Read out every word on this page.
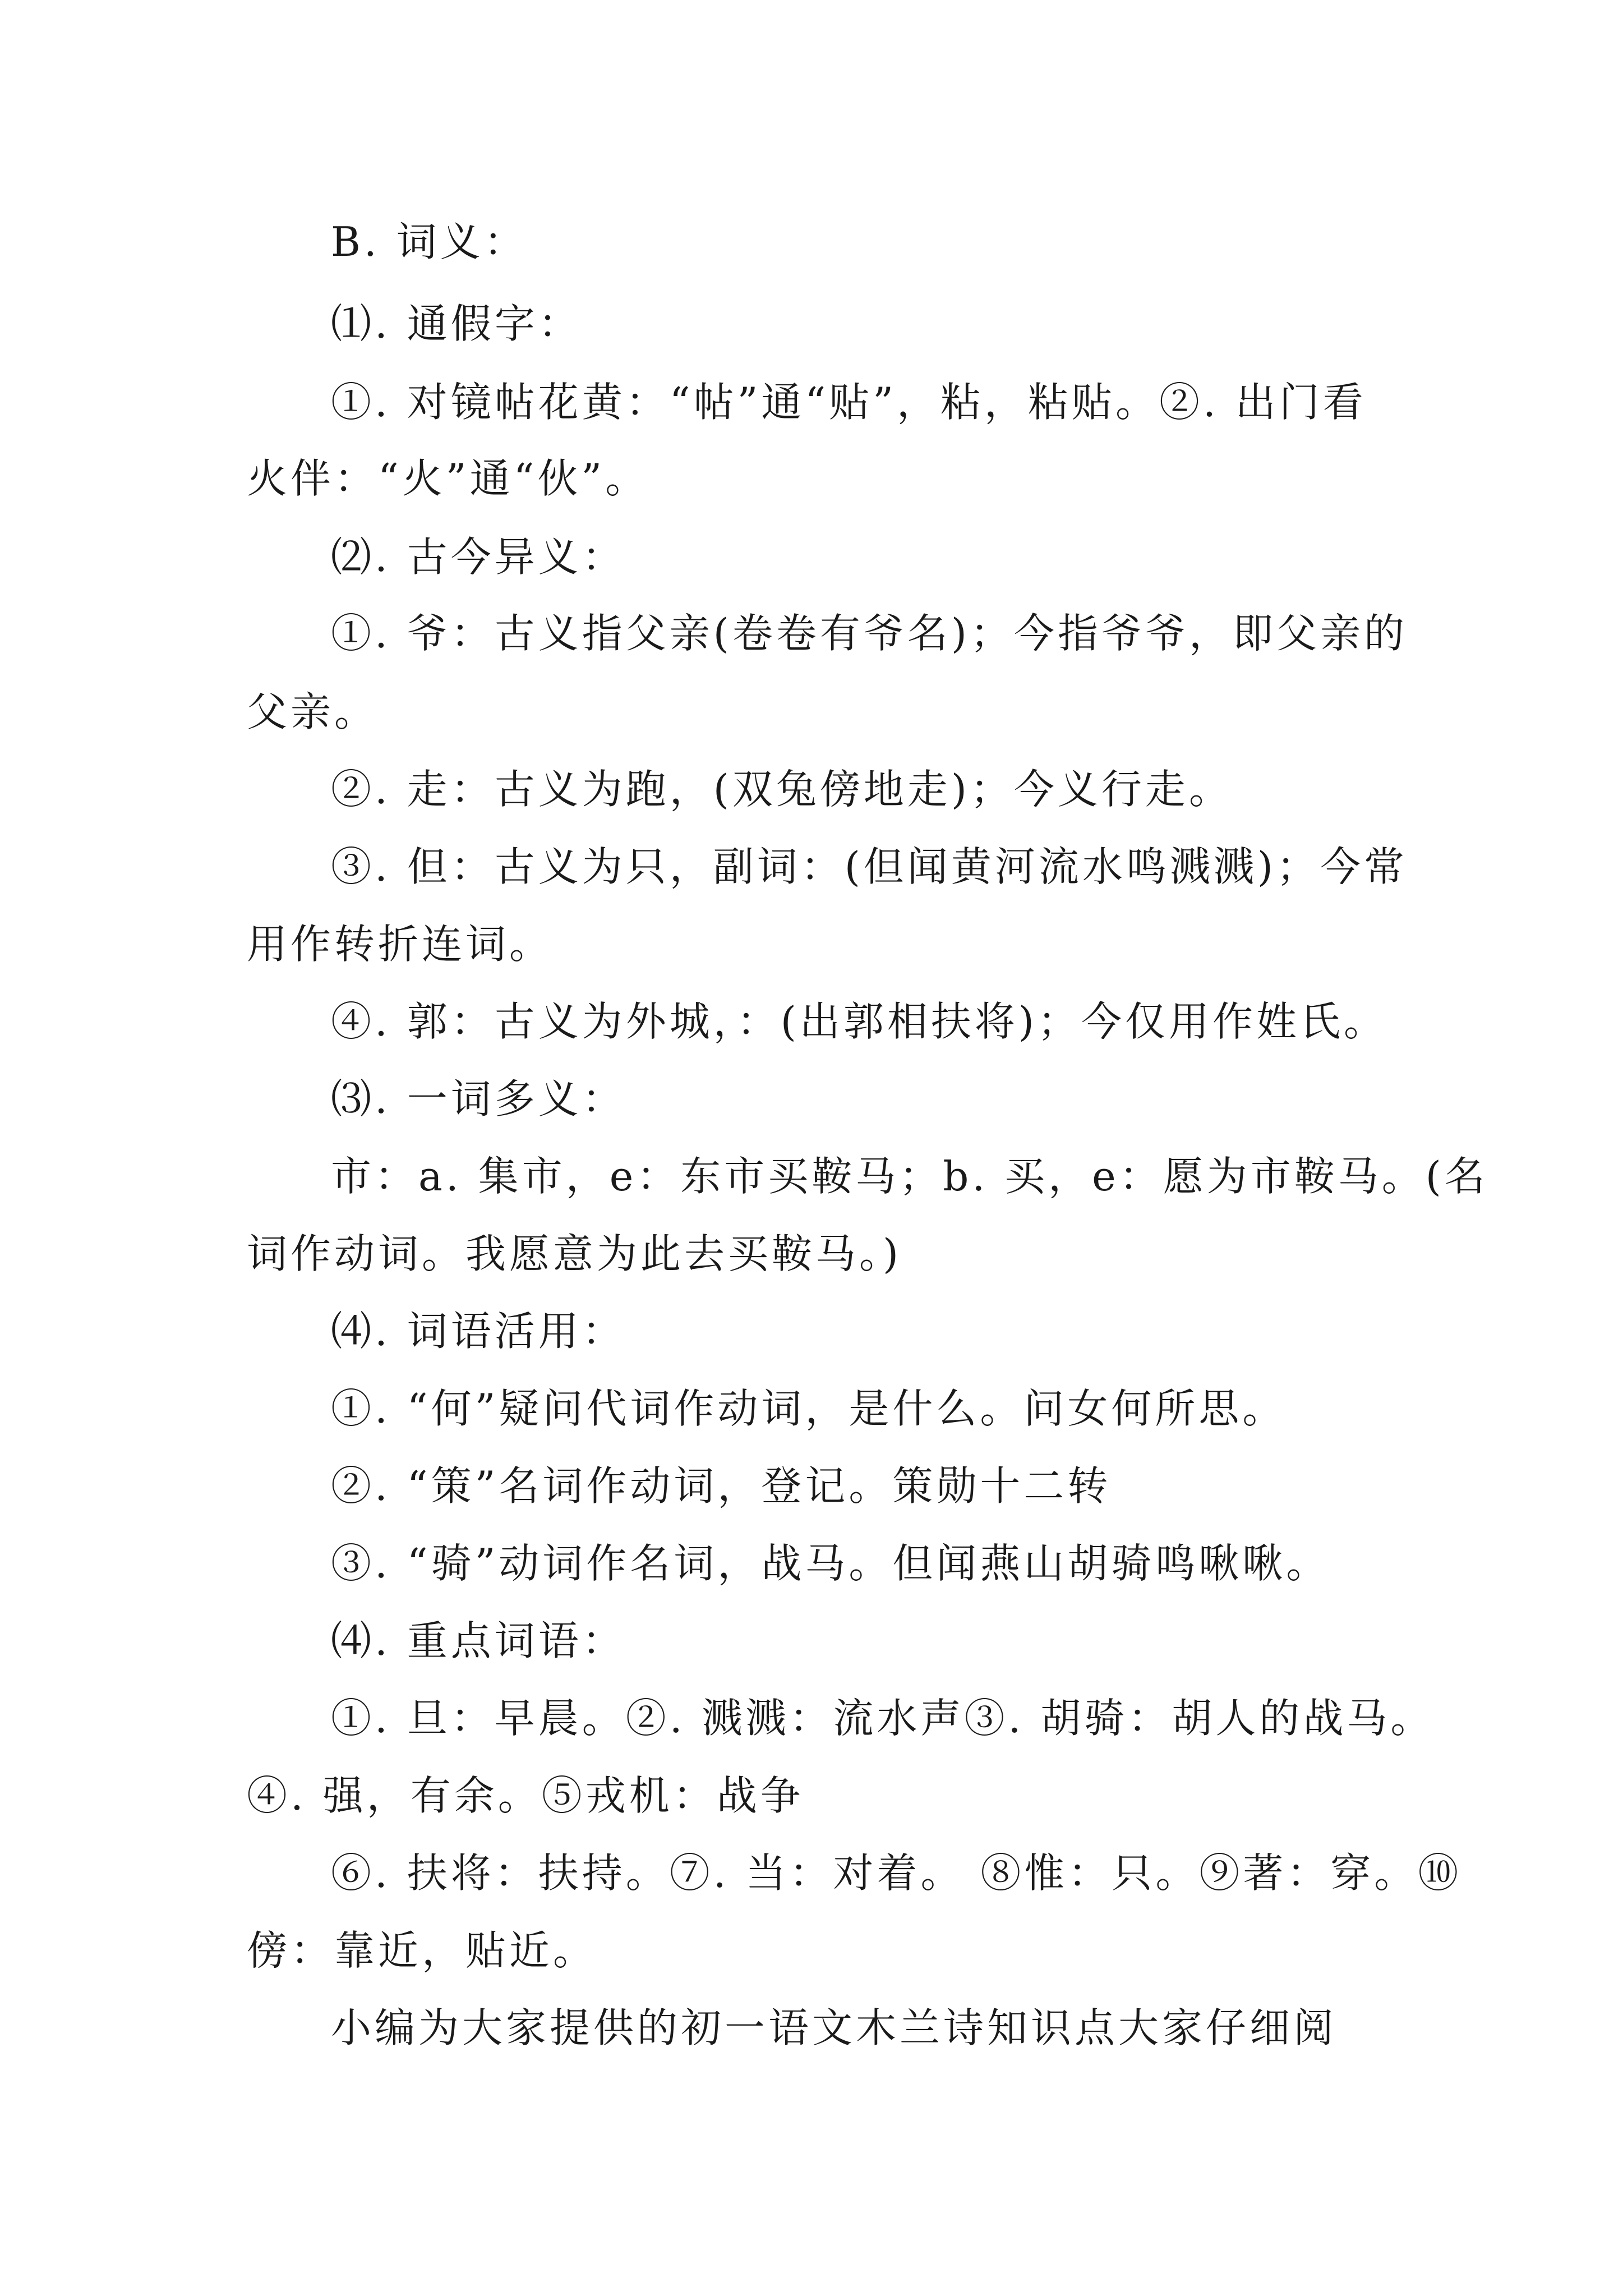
B. 词义：
⑴. 通假字：
①. 对镜帖花黄：“帖”通“贴”，粘，粘贴。②. 出门看
火伴：“火”通“伙”。
⑵. 古今异义：
①. 爷：古义指父亲(卷卷有爷名)；今指爷爷，即父亲的
父亲。
②. 走：古义为跑，(双兔傍地走)；今义行走。
③. 但：古义为只，副词：(但闻黄河流水鸣溅溅)；今常
用作转折连词。
④. 郭：古义为外城，：(出郭相扶将)；今仅用作姓氏。
⑶. 一词多义：
市：a. 集市，e：东市买鞍马；b. 买，e：愿为市鞍马。(名
词作动词。我愿意为此去买鞍马。)
⑷. 词语活用：
①. “何”疑问代词作动词，是什么。问女何所思。
②. “策”名词作动词，登记。策勋十二转
③. “骑”动词作名词，战马。但闻燕山胡骑鸣啾啾。
⑷. 重点词语：
①. 旦：早晨。②. 溅溅：流水声③. 胡骑：胡人的战马。
④. 强，有余。⑤戎机：战争
⑥. 扶将：扶持。⑦. 当：对着。 ⑧惟：只。⑨著：穿。⑩
傍：靠近，贴近。
小编为大家提供的初一语文木兰诗知识点大家仔细阅
